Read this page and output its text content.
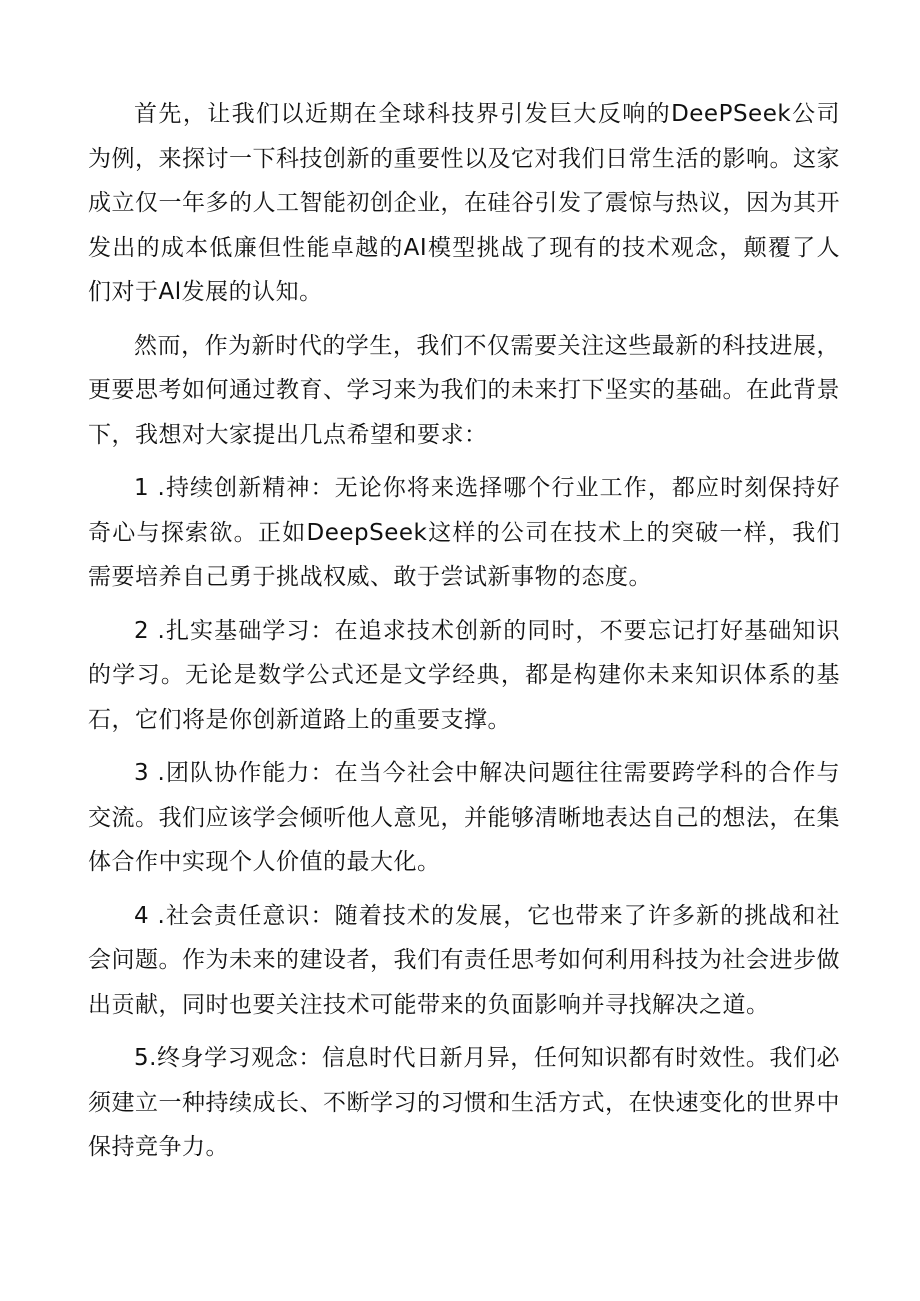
首先，让我们以近期在全球科技界引发巨大反响的DeePSeek公司为例，来探讨一下科技创新的重要性以及它对我们日常生活的影响。这家成立仅一年多的人工智能初创企业，在硅谷引发了震惊与热议，因为其开发出的成本低廉但性能卓越的AI模型挑战了现有的技术观念，颠覆了人们对于Al发展的认知。

然而，作为新时代的学生，我们不仅需要关注这些最新的科技进展，更要思考如何通过教育、学习来为我们的未来打下坚实的基础。在此背景下，我想对大家提出几点希望和要求：

1 .持续创新精神：无论你将来选择哪个行业工作，都应时刻保持好奇心与探索欲。正如DeepSeek这样的公司在技术上的突破一样，我们需要培养自己勇于挑战权威、敢于尝试新事物的态度。

2 .扎实基础学习：在追求技术创新的同时，不要忘记打好基础知识的学习。无论是数学公式还是文学经典，都是构建你未来知识体系的基石，它们将是你创新道路上的重要支撑。

3 .团队协作能力：在当今社会中解决问题往往需要跨学科的合作与交流。我们应该学会倾听他人意见，并能够清晰地表达自己的想法，在集体合作中实现个人价值的最大化。

4 .社会责任意识：随着技术的发展，它也带来了许多新的挑战和社会问题。作为未来的建设者，我们有责任思考如何利用科技为社会进步做出贡献，同时也要关注技术可能带来的负面影响并寻找解决之道。

5.终身学习观念：信息时代日新月异，任何知识都有时效性。我们必须建立一种持续成长、不断学习的习惯和生活方式，在快速变化的世界中保持竞争力。
